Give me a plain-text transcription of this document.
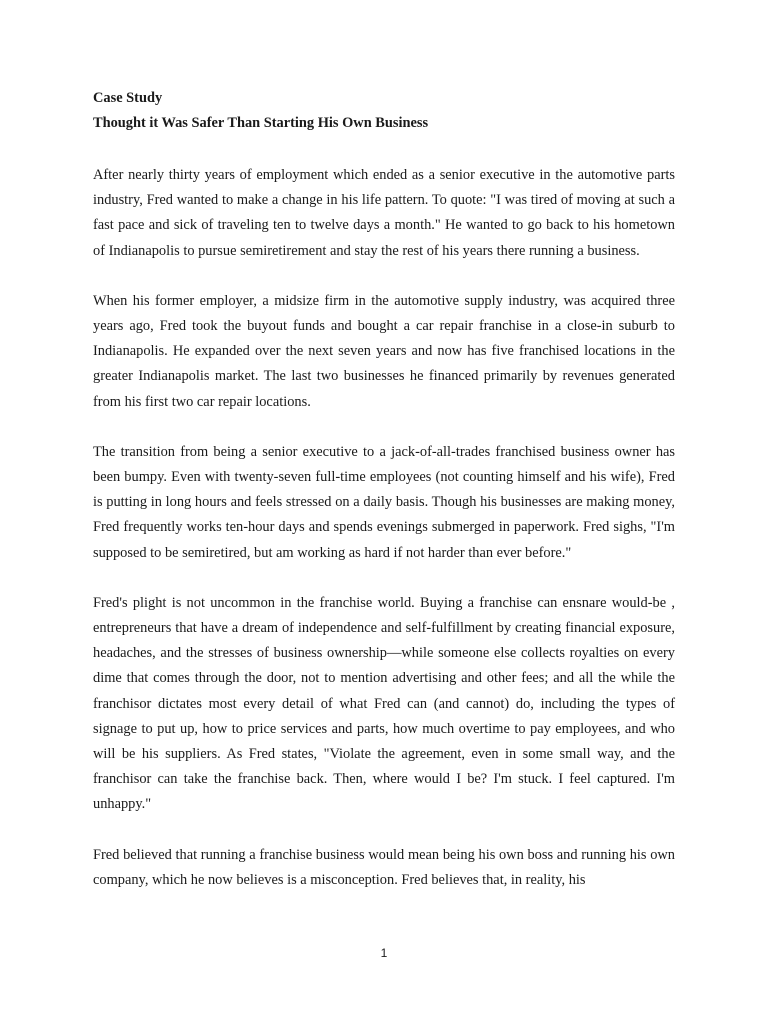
Case Study

Thought it Was Safer Than Starting His Own Business

After nearly thirty years of employment which ended as a senior executive in the automotive parts industry, Fred wanted to make a change in his life pattern. To quote: "I was tired of moving at such a fast pace and sick of traveling ten to twelve days a month." He wanted to go back to his hometown of Indianapolis to pursue semiretirement and stay the rest of his years there running a business.

When his former employer, a midsize firm in the automotive supply industry, was acquired three years ago, Fred took the buyout funds and bought a car repair franchise in a close-in suburb to Indianapolis. He expanded over the next seven years and now has five franchised locations in the greater Indianapolis market. The last two businesses he financed primarily by revenues generated from his first two car repair locations.

The transition from being a senior executive to a jack-of-all-trades franchised business owner has been bumpy. Even with twenty-seven full-time employees (not counting himself and his wife), Fred is putting in long hours and feels stressed on a daily basis. Though his businesses are making money, Fred frequently works ten-hour days and spends evenings submerged in paperwork. Fred sighs, "I'm supposed to be semiretired, but am working as hard if not harder than ever before."

Fred's plight is not uncommon in the franchise world. Buying a franchise can ensnare would-be , entrepreneurs that have a dream of independence and self-fulfillment by creating financial exposure, headaches, and the stresses of business ownership—while someone else collects royalties on every dime that comes through the door, not to mention advertising and other fees; and all the while the franchisor dictates most every detail of what Fred can (and cannot) do, including the types of signage to put up, how to price services and parts, how much overtime to pay employees, and who will be his suppliers. As Fred states, "Violate the agreement, even in some small way, and the franchisor can take the franchise back. Then, where would I be? I'm stuck. I feel captured. I'm unhappy."

Fred believed that running a franchise business would mean being his own boss and running his own company, which he now believes is a misconception. Fred believes that, in reality, his

1
